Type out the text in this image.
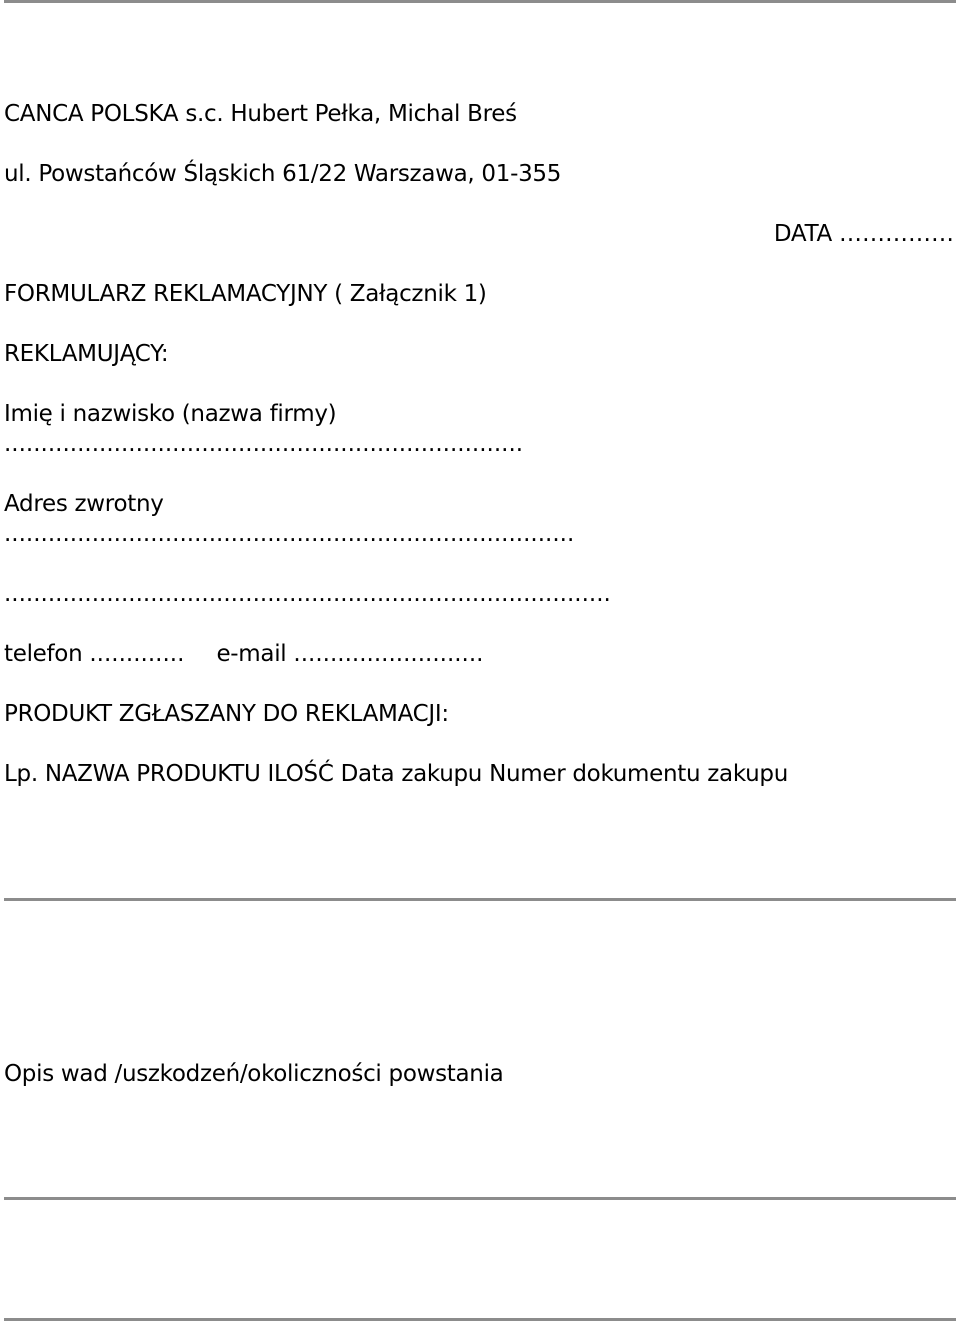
CANCA POLSKA s.c. Hubert Pełka, Michal Breś
ul. Powstańców Śląskich 61/22 Warszawa, 01-355
DATA ……………
FORMULARZ REKLAMACYJNY ( Załącznik 1)
REKLAMUJĄCY:
Imię i nazwisko (nazwa firmy)
.......................................................................
Adres zwrotny
..............................................................................
...................................................................................
telefon ............. e-mail ..........................
PRODUKT ZGŁASZANY DO REKLAMACJI:
Lp. NAZWA PRODUKTU ILOŚĆ Data zakupu Numer dokumentu zakupu
Opis wad /uszkodzeń/okoliczności powstania
